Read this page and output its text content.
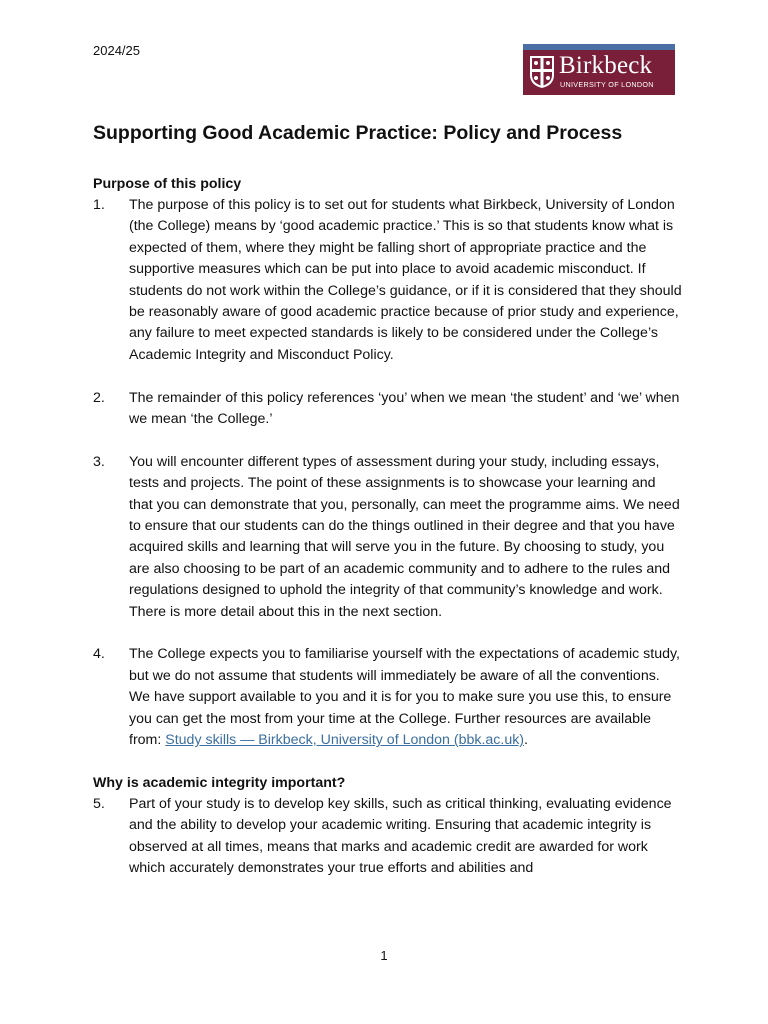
2024/25
Birkbeck
UNIVERSITY OF LONDON
Supporting Good Academic Practice: Policy and Process
Purpose of this policy
1.	The purpose of this policy is to set out for students what Birkbeck, University of London (the College) means by ‘good academic practice.’ This is so that students know what is expected of them, where they might be falling short of appropriate practice and the supportive measures which can be put into place to avoid academic misconduct. If students do not work within the College’s guidance, or if it is considered that they should be reasonably aware of good academic practice because of prior study and experience, any failure to meet expected standards is likely to be considered under the College’s Academic Integrity and Misconduct Policy.
2.	The remainder of this policy references ‘you’ when we mean ‘the student’ and ‘we’ when we mean ‘the College.’
3.	You will encounter different types of assessment during your study, including essays, tests and projects. The point of these assignments is to showcase your learning and that you can demonstrate that you, personally, can meet the programme aims. We need to ensure that our students can do the things outlined in their degree and that you have acquired skills and learning that will serve you in the future. By choosing to study, you are also choosing to be part of an academic community and to adhere to the rules and regulations designed to uphold the integrity of that community’s knowledge and work. There is more detail about this in the next section.
4.	The College expects you to familiarise yourself with the expectations of academic study, but we do not assume that students will immediately be aware of all the conventions. We have support available to you and it is for you to make sure you use this, to ensure you can get the most from your time at the College. Further resources are available from: Study skills — Birkbeck, University of London (bbk.ac.uk).
Why is academic integrity important?
5.	Part of your study is to develop key skills, such as critical thinking, evaluating evidence and the ability to develop your academic writing. Ensuring that academic integrity is observed at all times, means that marks and academic credit are awarded for work which accurately demonstrates your true efforts and abilities and
1
